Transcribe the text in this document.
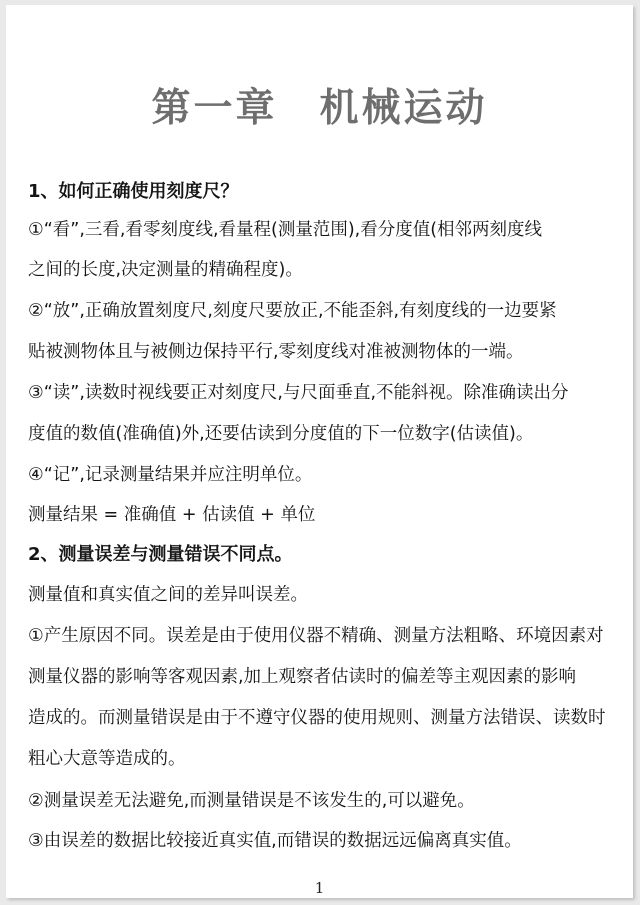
第一章　机械运动
1、如何正确使用刻度尺？
①“看”,三看,看零刻度线,看量程(测量范围),看分度值(相邻两刻度线
之间的长度,决定测量的精确程度)。
②“放”,正确放置刻度尺,刻度尺要放正,不能歪斜,有刻度线的一边要紧
贴被测物体且与被侧边保持平行,零刻度线对准被测物体的一端。
③“读”,读数时视线要正对刻度尺,与尺面垂直,不能斜视。除准确读出分
度值的数值(准确值)外,还要估读到分度值的下一位数字(估读值)。
④“记”,记录测量结果并应注明单位。
测量结果 = 准确值 + 估读值 + 单位
2、测量误差与测量错误不同点。
测量值和真实值之间的差异叫误差。
①产生原因不同。误差是由于使用仪器不精确、测量方法粗略、环境因素对
测量仪器的影响等客观因素,加上观察者估读时的偏差等主观因素的影响
造成的。而测量错误是由于不遵守仪器的使用规则、测量方法错误、读数时
粗心大意等造成的。
②测量误差无法避免,而测量错误是不该发生的,可以避免。
③由误差的数据比较接近真实值,而错误的数据远远偏离真实值。
1
